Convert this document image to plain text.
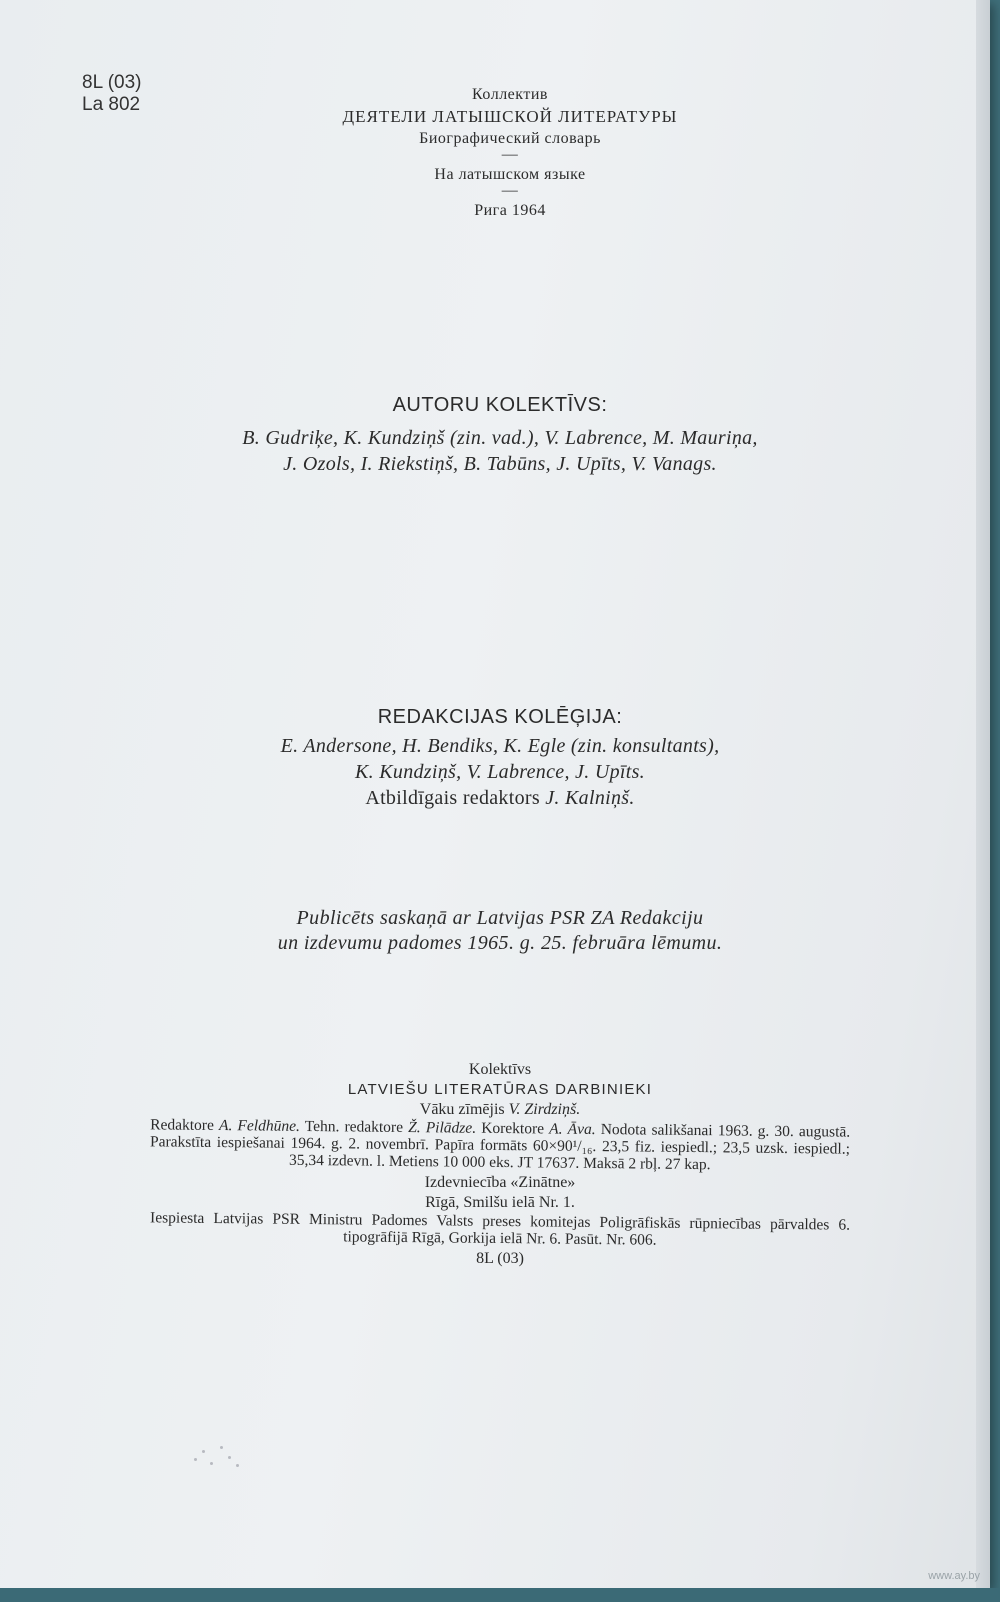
8L (03)
La 802	Коллектив
ДЕЯТЕЛИ ЛАТЫШСКОЙ ЛИТЕРАТУРЫ
Биографический словарь
—
На латышском языке
—
Рига 1964
AUTORU KOLEKTĪVS:
B. Gudriķe, K. Kundziņš (zin. vad.), V. Labrence, M. Mauriņa,
J. Ozols, I. Riekstiņš, B. Tabūns, J. Upīts, V. Vanags.
REDAKCIJAS KOLĒĢIJA:
E. Andersone, H. Bendiks, K. Egle (zin. konsultants),
K. Kundziņš, V. Labrence, J. Upīts.
Atbildīgais redaktors J. Kalniņš.
Publicēts saskaņā ar Latvijas PSR ZA Redakciju
un izdevumu padomes 1965. g. 25. februāra lēmumu.
Kolektīvs
LATVIEŠU LITERATŪRAS DARBINIEKI
Vāku zīmējis V. Zirdziņš.
Redaktore A. Feldhūne. Tehn. redaktore Ž. Pilādze. Korektore A. Āva. Nodota salikšanai 1963. g. 30. augustā. Parakstīta iespiešanai 1964. g. 2. novembrī. Papīra formāts 60×90¹/₁₆. 23,5 fiz. iespiedl.; 23,5 uzsk. iespiedl.; 35,34 izdevn. l. Metiens 10 000 eks. JT 17637. Maksā 2 rbļ. 27 kap.
Izdevniecība «Zinātne»
Rīgā, Smilšu ielā Nr. 1.
Iespiesta Latvijas PSR Ministru Padomes Valsts preses komitejas Poligrāfiskās rūpniecības pārvaldes 6. tipogrāfijā Rīgā, Gorkija ielā Nr. 6. Pasūt. Nr. 606.
8L (03)
www.ay.by
